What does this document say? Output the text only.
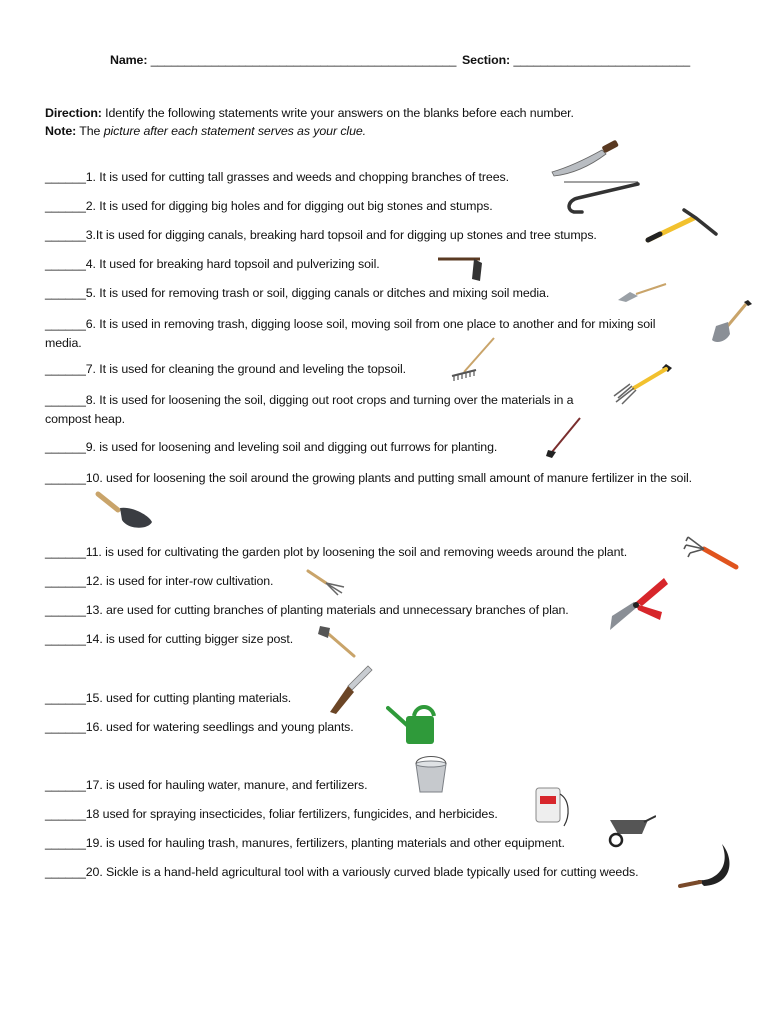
Name: _____________________________________________ Section: __________________________
Direction: Identify the following statements write your answers on the blanks before each number.
Note: The picture after each statement serves as your clue.
______1. It is used for cutting tall grasses and weeds and chopping branches of trees.
______2. It is used for digging big holes and for digging out big stones and stumps.
______3.It is used for digging canals, breaking hard topsoil and for digging up stones and tree stumps.
______4. It used for breaking hard topsoil and pulverizing soil.
______5. It is used for removing trash or soil, digging canals or ditches and mixing soil media.
______6. It is used in removing trash, digging loose soil, moving soil from one place to another and for mixing soil media.
______7. It is used for cleaning the ground and leveling the topsoil.
______8. It is used for loosening the soil, digging out root crops and turning over the materials in a compost heap.
______9. is used for loosening and leveling soil and digging out furrows for planting.
______10. used for loosening the soil around the growing plants and putting small amount of manure fertilizer in the soil.
______11. is used for cultivating the garden plot by loosening the soil and removing weeds around the plant.
______12. is used for inter-row cultivation.
______13. are used for cutting branches of planting materials and unnecessary branches of plan.
______14. is used for cutting bigger size post.
______15. used for cutting planting materials.
______16. used for watering seedlings and young plants.
______17. is used for hauling water, manure, and fertilizers.
______18 used for spraying insecticides, foliar fertilizers, fungicides, and herbicides.
______19. is used for hauling trash, manures, fertilizers, planting materials and other equipment.
______20. Sickle is a hand-held agricultural tool with a variously curved blade typically used for cutting weeds.
